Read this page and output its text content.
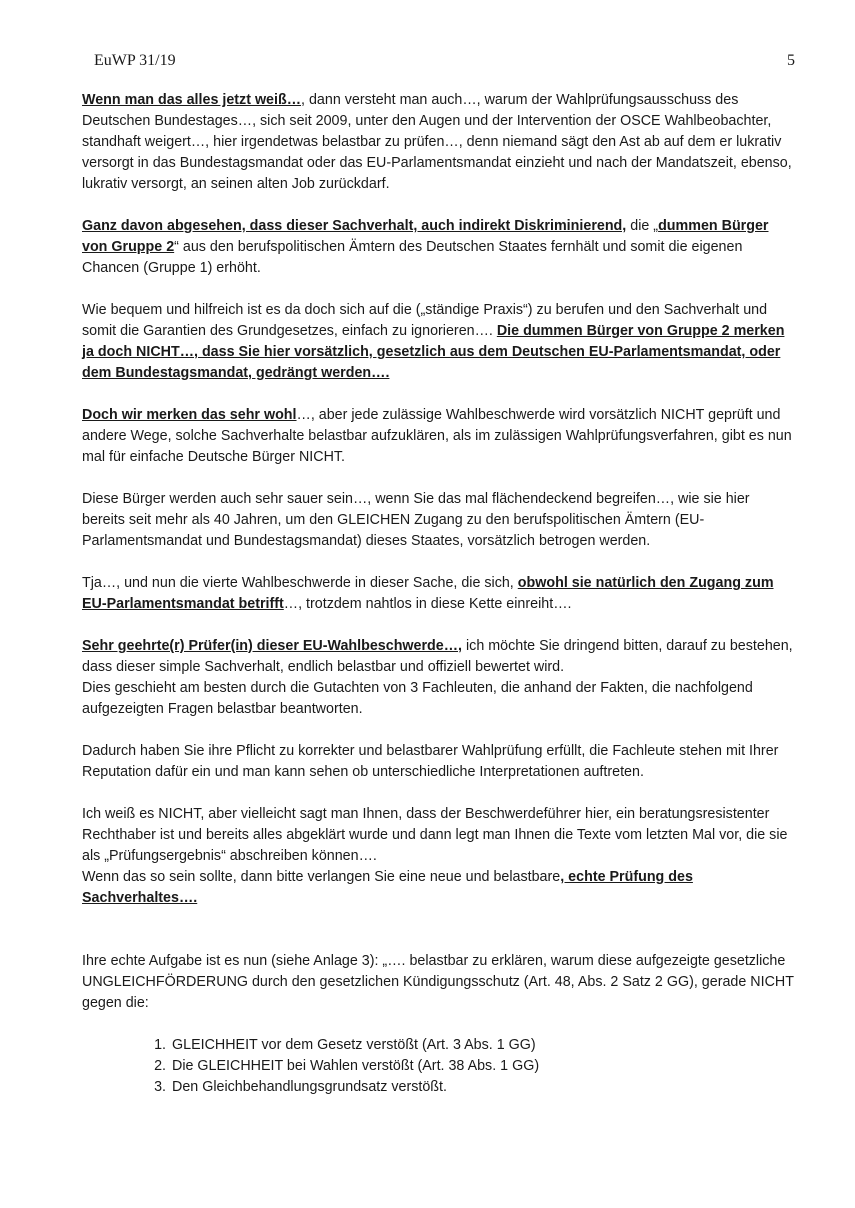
EuWP 31/19	5

Wenn man das alles jetzt weiß…, dann versteht man auch…, warum der Wahlprüfungsausschuss des Deutschen Bundestages…, sich seit 2009, unter den Augen und der Intervention der OSCE Wahlbeobachter, standhaft weigert…, hier irgendetwas belastbar zu prüfen…, denn niemand sägt den Ast ab auf dem er lukrativ versorgt in das Bundestagsmandat oder das EU-Parlamentsmandat einzieht und nach der Mandatszeit, ebenso, lukrativ versorgt, an seinen alten Job zurückdarf.

Ganz davon abgesehen, dass dieser Sachverhalt, auch indirekt Diskriminierend, die „dummen Bürger von Gruppe 2“ aus den berufspolitischen Ämtern des Deutschen Staates fernhält und somit die eigenen Chancen (Gruppe 1) erhöht.

Wie bequem und hilfreich ist es da doch sich auf die („ständige Praxis“) zu berufen und den Sachverhalt und somit die Garantien des Grundgesetzes, einfach zu ignorieren…. Die dummen Bürger von Gruppe 2 merken ja doch NICHT…, dass Sie hier vorsätzlich, gesetzlich aus dem Deutschen EU-Parlamentsmandat, oder dem Bundestagsmandat, gedrängt werden….

Doch wir merken das sehr wohl…, aber jede zulässige Wahlbeschwerde wird vorsätzlich NICHT geprüft und andere Wege, solche Sachverhalte belastbar aufzuklären, als im zulässigen Wahlprüfungsverfahren, gibt es nun mal für einfache Deutsche Bürger NICHT.

Diese Bürger werden auch sehr sauer sein…, wenn Sie das mal flächendeckend begreifen…, wie sie hier bereits seit mehr als 40 Jahren, um den GLEICHEN Zugang zu den berufspolitischen Ämtern (EU-Parlamentsmandat und Bundestagsmandat) dieses Staates, vorsätzlich betrogen werden.

Tja…, und nun die vierte Wahlbeschwerde in dieser Sache, die sich, obwohl sie natürlich den Zugang zum EU-Parlamentsmandat betrifft…, trotzdem nahtlos in diese Kette einreiht….

Sehr geehrte(r) Prüfer(in) dieser EU-Wahlbeschwerde…, ich möchte Sie dringend bitten, darauf zu bestehen, dass dieser simple Sachverhalt, endlich belastbar und offiziell bewertet wird.
Dies geschieht am besten durch die Gutachten von 3 Fachleuten, die anhand der Fakten, die nachfolgend aufgezeigten Fragen belastbar beantworten.

Dadurch haben Sie ihre Pflicht zu korrekter und belastbarer Wahlprüfung erfüllt, die Fachleute stehen mit Ihrer Reputation dafür ein und man kann sehen ob unterschiedliche Interpretationen auftreten.

Ich weiß es NICHT, aber vielleicht sagt man Ihnen, dass der Beschwerdeführer hier, ein beratungsresistenter Rechthaber ist und bereits alles abgeklärt wurde und dann legt man Ihnen die Texte vom letzten Mal vor, die sie als „Prüfungsergebnis“ abschreiben können….
Wenn das so sein sollte, dann bitte verlangen Sie eine neue und belastbare, echte Prüfung des Sachverhaltes….

Ihre echte Aufgabe ist es nun (siehe Anlage 3): „…. belastbar zu erklären, warum diese aufgezeigte gesetzliche UNGLEICHFÖRDERUNG durch den gesetzlichen Kündigungsschutz (Art. 48, Abs. 2 Satz 2 GG), gerade NICHT gegen die:

1. GLEICHHEIT vor dem Gesetz verstößt (Art. 3 Abs. 1 GG)
2. Die GLEICHHEIT bei Wahlen verstößt (Art. 38 Abs. 1 GG)
3. Den Gleichbehandlungsgrundsatz verstößt.
